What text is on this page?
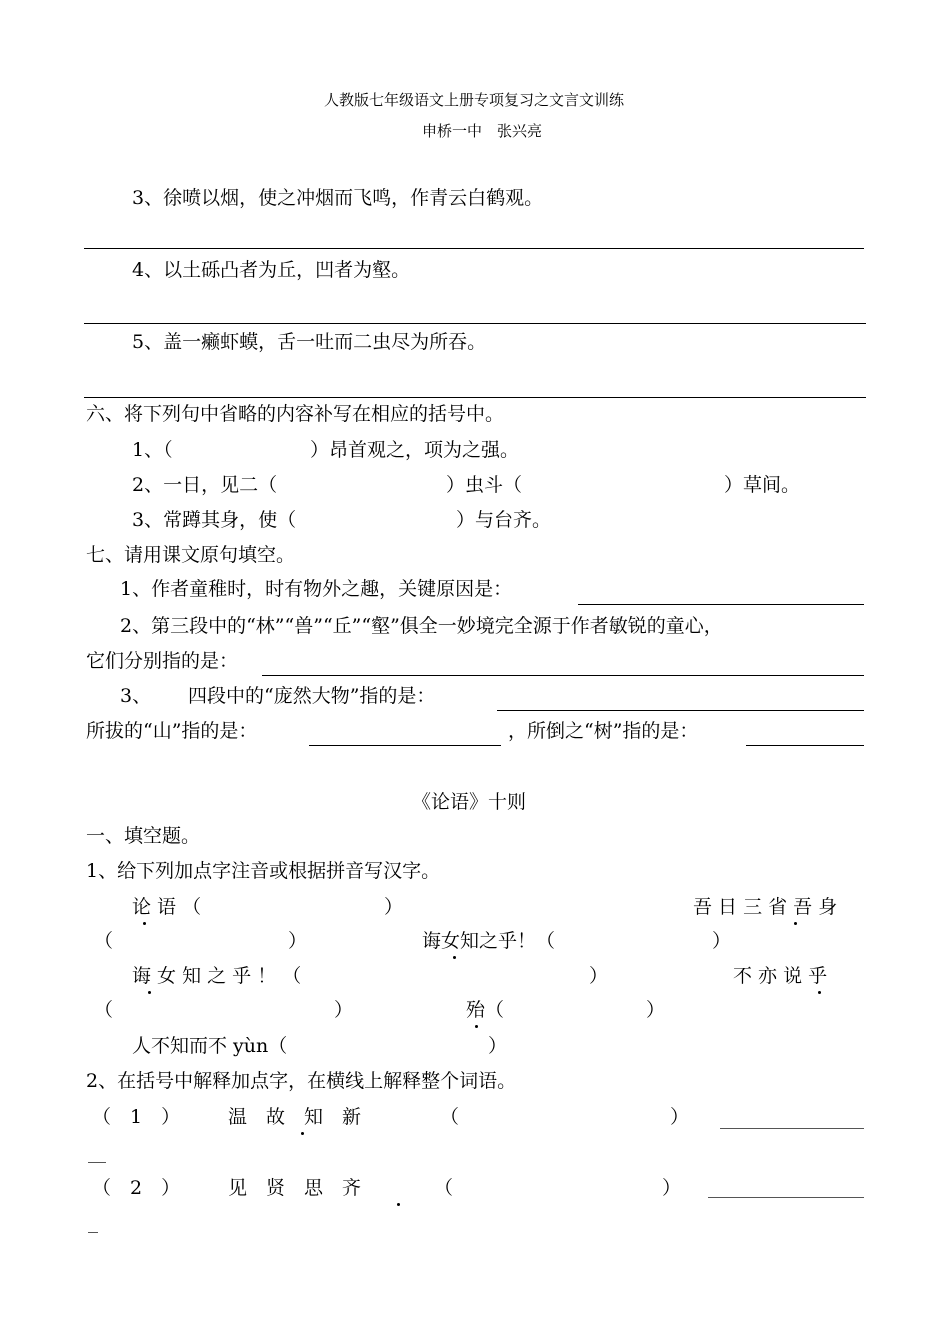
人教版七年级语文上册专项复习之文言文训练
申桥一中　张兴亮
3、徐喷以烟，使之冲烟而飞鸣，作青云白鹤观。
4、以土砾凸者为丘，凹者为壑。
5、盖一癞虾蟆，舌一吐而二虫尽为所吞。
六、将下列句中省略的内容补写在相应的括号中。
1、（	）昂首观之，项为之强。
2、一日，见二（	）虫斗（	）草间。
3、常蹲其身，使（	）与台齐。
七、请用课文原句填空。
1、作者童稚时，时有物外之趣，关键原因是：
2、第三段中的“林”“兽”“丘”“壑”俱全一妙境完全源于作者敏锐的童心，
它们分别指的是：
3、 四段中的“庞然大物”指的是：
所拔的“山”指的是：	，所倒之“树”指的是：
《论语》十则
一、填空题。
1、给下列加点字注音或根据拼音写汉字。
论 语 （	）	吾 日 三 省 吾 身
（	）	诲女知之乎！（	）
诲 女 知 之 乎 ！ （	）	不 亦 说 乎
（	）	殆（	）
人不知而不 yùn（	）
2、在括号中解释加点字，在横线上解释整个词语。
（　1　）	温　故　知　新	（	）
（　2　）	见　贤　思　齐	（	）
